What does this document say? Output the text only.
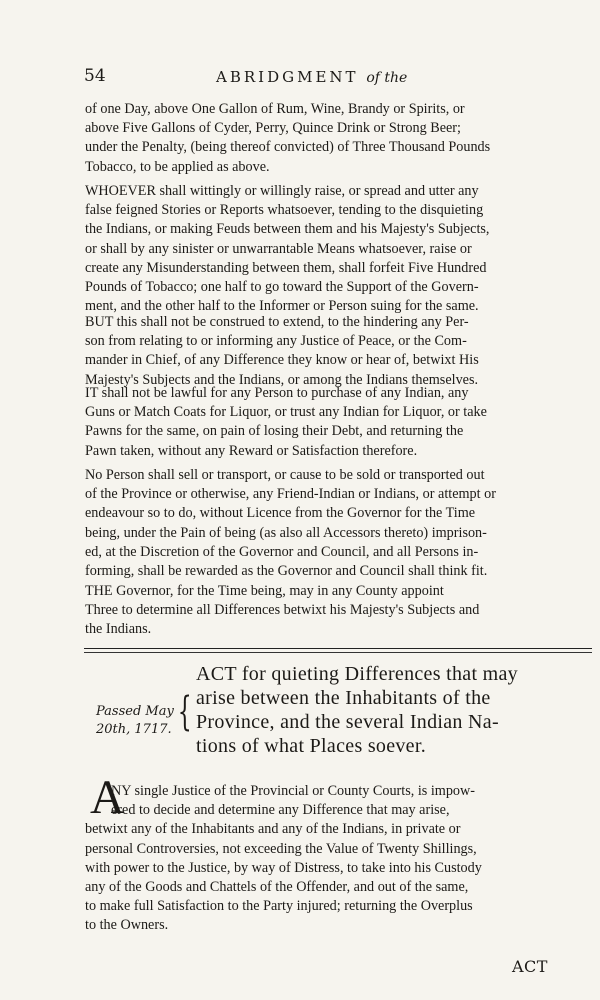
54	ABRIDGMENT of the
of one Day, above One Gallon of Rum, Wine, Brandy or Spirits, or
above Five Gallons of Cyder, Perry, Quince Drink or Strong Beer;
under the Penalty, (being thereof convicted) of Three Thousand Pounds
Tobacco, to be applied as above.
WHOEVER shall wittingly or willingly raise, or spread and utter any
false feigned Stories or Reports whatsoever, tending to the disquieting
the Indians, or making Feuds between them and his Majesty's Subjects,
or shall by any sinister or unwarrantable Means whatsoever, raise or
create any Misunderstanding between them, shall forfeit Five Hundred
Pounds of Tobacco; one half to go toward the Support of the Govern-
ment, and the other half to the Informer or Person suing for the same.
BUT this shall not be construed to extend, to the hindering any Per-
son from relating to or informing any Justice of Peace, or the Com-
mander in Chief, of any Difference they know or hear of, betwixt His
Majesty's Subjects and the Indians, or among the Indians themselves.
IT shall not be lawful for any Person to purchase of any Indian, any
Guns or Match Coats for Liquor, or trust any Indian for Liquor, or take
Pawns for the same, on pain of losing their Debt, and returning the
Pawn taken, without any Reward or Satisfaction therefore.
No Person shall sell or transport, or cause to be sold or transported out
of the Province or otherwise, any Friend-Indian or Indians, or attempt or
endeavour so to do, without Licence from the Governor for the Time
being, under the Pain of being (as also all Accessors thereto) imprison-
ed, at the Discretion of the Governor and Council, and all Persons in-
forming, shall be rewarded as the Governor and Council shall think fit.
THE Governor, for the Time being, may in any County appoint
Three to determine all Differences betwixt his Majesty's Subjects and
the Indians.
Passed May
20th, 1717. {
ACT for quieting Differences that may
arise between the Inhabitants of the
Province, and the several Indian Na-
tions of what Places soever.
A
NY single Justice of the Provincial or County Courts, is impow-
ered to decide and determine any Difference that may arise,
betwixt any of the Inhabitants and any of the Indians, in private or
personal Controversies, not exceeding the Value of Twenty Shillings,
with power to the Justice, by way of Distress, to take into his Custody
any of the Goods and Chattels of the Offender, and out of the same,
to make full Satisfaction to the Party injured; returning the Overplus
to the Owners.
ACT
